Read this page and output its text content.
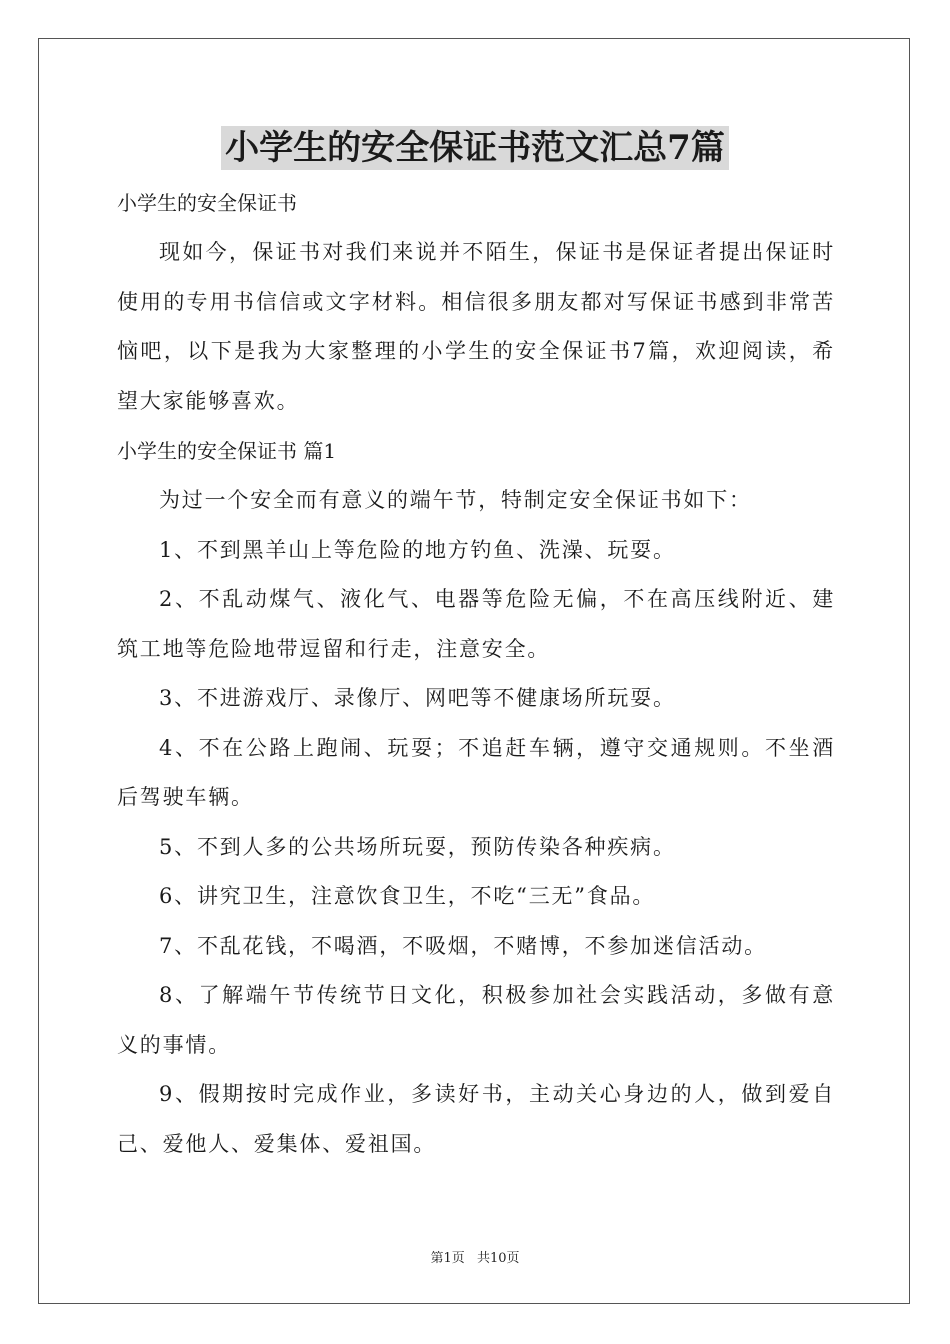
小学生的安全保证书范文汇总7篇

小学生的安全保证书

现如今，保证书对我们来说并不陌生，保证书是保证者提出保证时使用的专用书信信或文字材料。相信很多朋友都对写保证书感到非常苦恼吧，以下是我为大家整理的小学生的安全保证书7篇，欢迎阅读，希望大家能够喜欢。

小学生的安全保证书 篇1

为过一个安全而有意义的端午节，特制定安全保证书如下：

1、不到黑羊山上等危险的地方钓鱼、洗澡、玩耍。

2、不乱动煤气、液化气、电器等危险无偏，不在高压线附近、建筑工地等危险地带逗留和行走，注意安全。

3、不进游戏厅、录像厅、网吧等不健康场所玩耍。

4、不在公路上跑闹、玩耍；不追赶车辆，遵守交通规则。不坐酒后驾驶车辆。

5、不到人多的公共场所玩耍，预防传染各种疾病。

6、讲究卫生，注意饮食卫生，不吃“三无”食品。

7、不乱花钱，不喝酒，不吸烟，不赌博，不参加迷信活动。

8、了解端午节传统节日文化，积极参加社会实践活动，多做有意义的事情。

9、假期按时完成作业，多读好书，主动关心身边的人，做到爱自己、爱他人、爱集体、爱祖国。

第1页 共10页
